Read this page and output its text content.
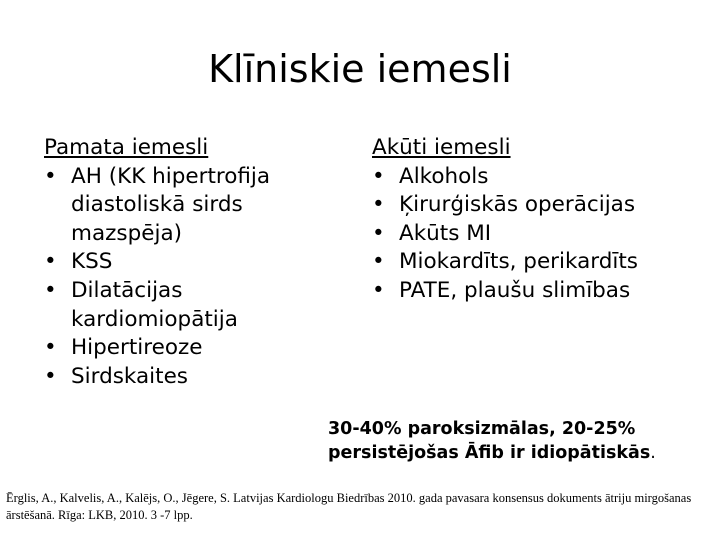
Klīniskie iemesli
Pamata iemesli
• AH (KK hipertrofija diastoliskā sirds mazspēja)
• KSS
• Dilatācijas kardiomiopātija
• Hipertireoze
• Sirdskaites
Akūti iemesli
• Alkohols
• Ķirurģiskās operācijas
• Akūts MI
• Miokardīts, perikardīts
• PATE, plaušu slimības
30-40% paroksizmālas, 20-25% persistējošas Āfib ir idiopātiskās.
Ērglis, A., Kalvelis, A., Kalējs, O., Jēgere, S. Latvijas Kardiologu Biedrības 2010. gada pavasara konsensus dokuments ātriju mirgošanas ārstēšanā. Rīga: LKB, 2010. 3 -7 lpp.
